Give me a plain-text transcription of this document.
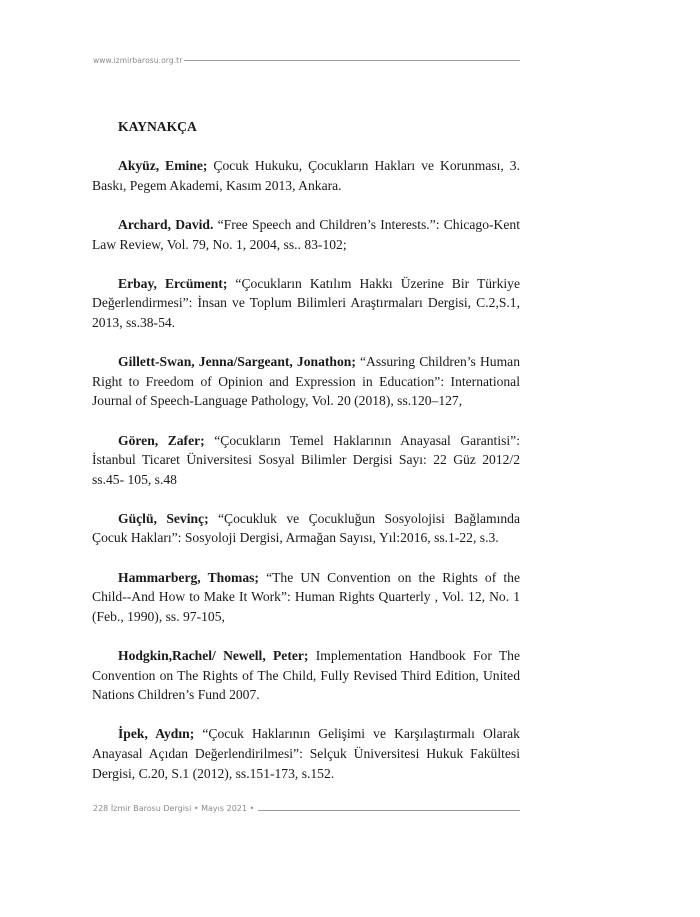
www.izmirbarosu.org.tr
KAYNAKÇA

Akyüz, Emine; Çocuk Hukuku, Çocukların Hakları ve Korunması, 3. Baskı, Pegem Akademi, Kasım 2013, Ankara.

Archard, David. “Free Speech and Children’s Interests.”: Chicago-Kent Law Review, Vol. 79, No. 1, 2004, ss.. 83-102;

Erbay, Ercüment; “Çocukların Katılım Hakkı Üzerine Bir Türkiye Değerlendirmesi”: İnsan ve Toplum Bilimleri Araştırmaları Dergisi, C.2,S.1, 2013, ss.38-54.

Gillett-Swan, Jenna/Sargeant, Jonathon; “Assuring Children’s Human Right to Freedom of Opinion and Expression in Education”: International Journal of Speech-Language Pathology, Vol. 20 (2018), ss.120–127,

Gören, Zafer; “Çocukların Temel Haklarının Anayasal Garantisi”: İstanbul Ticaret Üniversitesi Sosyal Bilimler Dergisi Sayı: 22 Güz 2012/2 ss.45- 105, s.48

Güçlü, Sevinç; “Çocukluk ve Çocukluğun Sosyolojisi Bağlamında Çocuk Hakları”: Sosyoloji Dergisi, Armağan Sayısı, Yıl:2016, ss.1-22, s.3.

Hammarberg, Thomas; “The UN Convention on the Rights of the Child--And How to Make It Work”: Human Rights Quarterly , Vol. 12, No. 1 (Feb., 1990), ss. 97-105,

Hodgkin,Rachel/ Newell, Peter; Implementation Handbook For The Convention on The Rights of The Child, Fully Revised Third Edition, United Nations Children’s Fund 2007.

İpek, Aydın; “Çocuk Haklarının Gelişimi ve Karşılaştırmalı Olarak Anayasal Açıdan Değerlendirilmesi”: Selçuk Üniversitesi Hukuk Fakültesi Dergisi, C.20, S.1 (2012), ss.151-173, s.152.

228 İzmir Barosu Dergisi • Mayıs 2021 •
